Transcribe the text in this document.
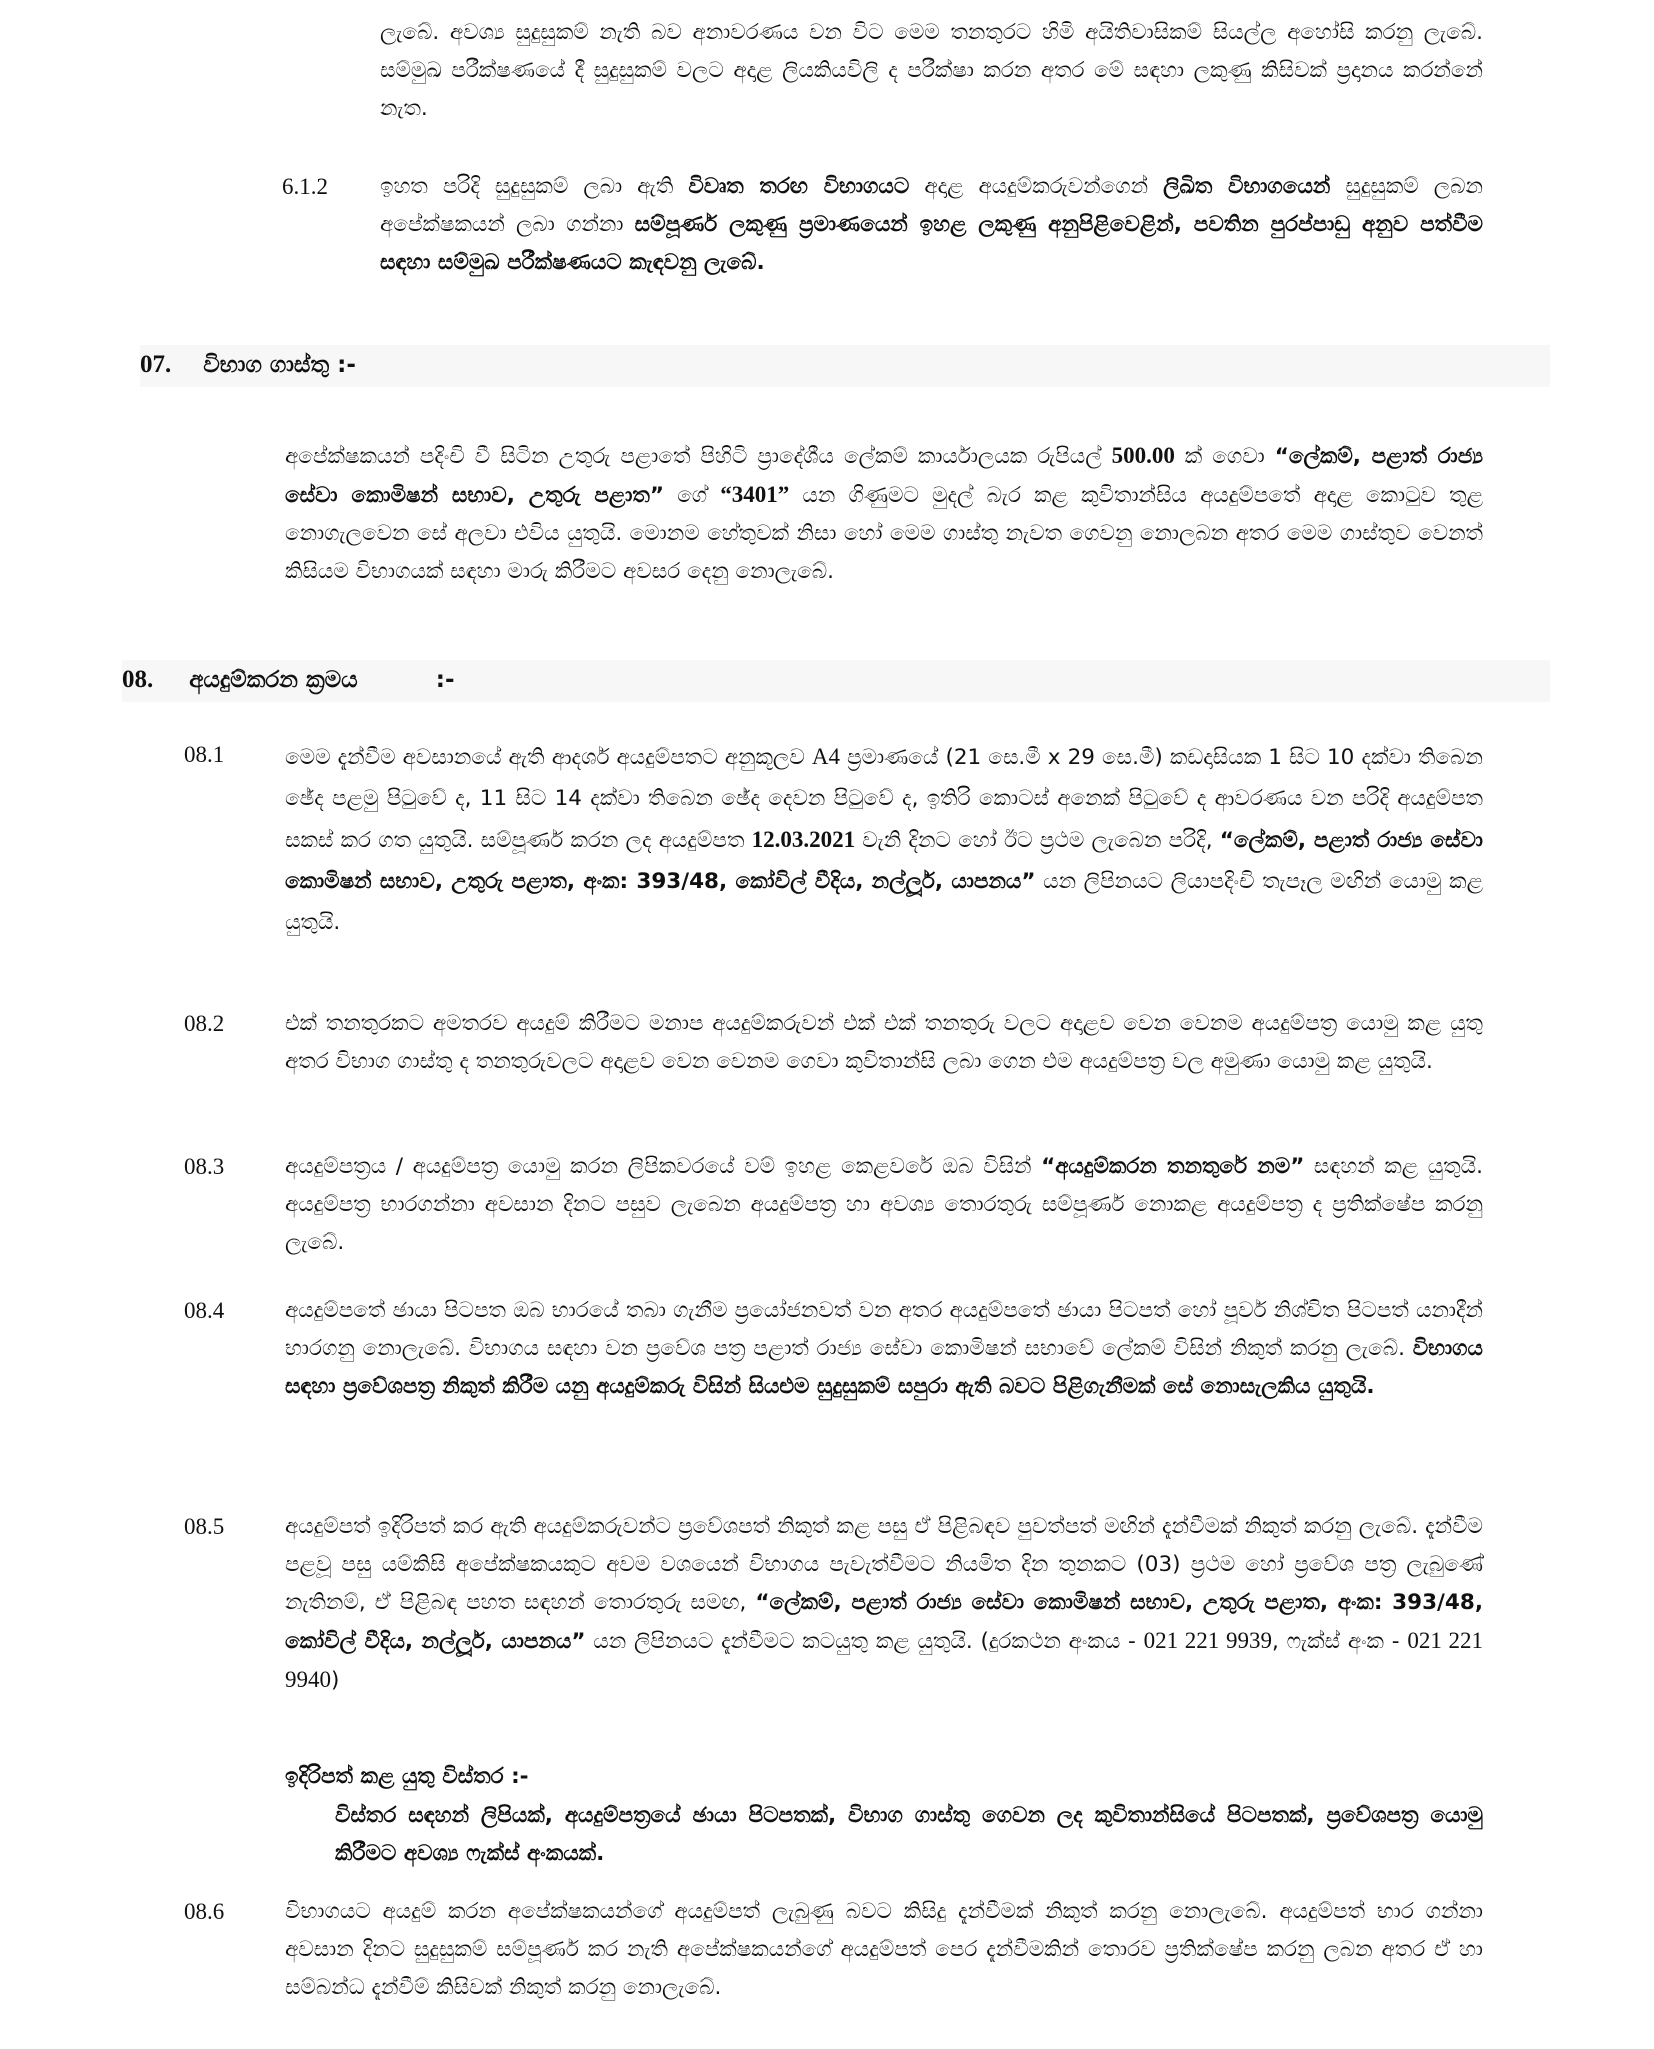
ලැබේ. අවශ්‍ය සුදුසුකම් නැති බව අනාවරණය වන විට මෙම තනතුරට හිමි අයිතිවාසිකම් සියල්ල අහෝසි කරනු ලැබේ. සම්මුඛ පරීක්ෂණයේ දී සුදුසුකම් වලට අදාළ ලියකියවිලි ද පරීක්ෂා කරන අතර මේ සඳහා ලකුණු කිසිවක් ප්‍රදානය කරන්නේ නැත.

6.1.2 ඉහත පරිදි සුදුසුකම් ලබා ඇති විවෘත තරඟ විභාගයට අදාළ අයදුම්කරුවන්ගෙන් ලිඛිත විභාගයෙන් සුදුසුකම් ලබන අපේක්ෂකයන් ලබා ගන්නා සම්පූර්ණ ලකුණු ප්‍රමාණයෙන් ඉහළ ලකුණු අනුපිළිවෙළින්, පවතින පුරප්පාඩු අනුව පත්වීම සඳහා සම්මුඛ පරීක්ෂණයට කැඳවනු ලැබේ.

07. විභාග ගාස්තු :-

අපේක්ෂකයන් පදිංචි වී සිටින උතුරු පළාතේ පිහිටි ප්‍රාදේශීය ලේකම් කාර්යාලයක රුපියල් 500.00 ක් ගෙවා “ලේකම්, පළාත් රාජ්‍ය සේවා කොමිෂන් සභාව, උතුරු පළාත” ගේ “3401” යන ගිණුමට මුදල් බැර කළ කුවිතාන්සිය අයදුම්පතේ අදාළ කොටුව තුළ නොගැලවෙන සේ අලවා එවිය යුතුයි. මොනම හේතුවක් නිසා හෝ මෙම ගාස්තු නැවත ගෙවනු නොලබන අතර මෙම ගාස්තුව වෙනත් කිසියම විභාගයක් සඳහා මාරු කිරීමට අවසර දෙනු නොලැබේ.

08. අයදුම්කරන ක්‍රමය	:-
08.1	මෙම දැන්වීම අවසානයේ ඇති ආදර්ශ අයදුම්පතට අනුකූලව A4 ප්‍රමාණයේ (21 සෙ.මී x 29 සෙ.මී) කඩදාසියක 1 සිට 10 දක්වා තිබෙන ඡේද පළමු පිටුවේ ද, 11 සිට 14 දක්වා තිබෙන ඡේද දෙවන පිටුවේ ද, ඉතිරි කොටස් අනෙක් පිටුවේ ද ආවරණය වන පරිදි අයදුම්පත සකස් කර ගත යුතුයි. සම්පූර්ණ කරන ලද අයදුම්පත 12.03.2021 වැනි දිනට හෝ ඊට ප්‍රථම ලැබෙන පරිදි, “ලේකම්, පළාත් රාජ්‍ය සේවා කොමිෂන් සභාව, උතුරු පළාත, අංක: 393/48, කෝවිල් වීදිය, නල්ලූර්, යාපනය” යන ලිපිනයට ලියාපදිංචි තැපෑල මඟින් යොමු කළ යුතුයි.

08.2	එක් තනතුරකට අමතරව අයදුම් කිරීමට මනාප අයදුම්කරුවන් එක් එක් තනතුරු වලට අදාළව වෙන වෙනම අයදුම්පත්‍ර යොමු කළ යුතු අතර විභාග ගාස්තු ද තනතුරුවලට අදාළව වෙන වෙනම ගෙවා කුවිතාන්සි ලබා ගෙන එම අයදුම්පත්‍ර වල අමුණා යොමු කළ යුතුයි.

08.3	අයදුම්පත්‍රය / අයදුම්පත්‍ර යොමු කරන ලිපිකවරයේ වම් ඉහළ කෙළවරේ ඔබ විසින් “අයදුම්කරන තනතුරේ නම” සඳහන් කළ යුතුයි. අයදුම්පත්‍ර භාරගන්නා අවසාන දිනට පසුව ලැබෙන අයදුම්පත්‍ර හා අවශ්‍ය තොරතුරු සම්පූර්ණ නොකළ අයදුම්පත්‍ර ද ප්‍රතික්ෂේප කරනු ලැබේ.

08.4	අයදුම්පතේ ඡායා පිටපත ඔබ භාරයේ තබා ගැනීම ප්‍රයෝජනවත් වන අතර අයදුම්පතේ ඡායා පිටපත් හෝ පූර්ව නිශ්චිත පිටපත් යනාදීන් භාරගනු නොලැබේ. විභාගය සඳහා වන ප්‍රවේශ පත්‍ර පළාත් රාජ්‍ය සේවා කොමිෂන් සභාවේ ලේකම් විසින් නිකුත් කරනු ලැබේ. විභාගය සඳහා ප්‍රවේශපත්‍ර නිකුත් කිරීම යනු අයදුම්කරු විසින් සියළුම සුදුසුකම් සපුරා ඇති බවට පිළිගැනීමක් සේ නොසැලකිය යුතුයි.

08.5	අයදුම්පත් ඉදිරිපත් කර ඇති අයදුම්කරුවන්ට ප්‍රවේශපත් නිකුත් කළ පසු ඒ පිළිබඳව පුවත්පත් මඟින් දැන්වීමක් නිකුත් කරනු ලැබේ. දැන්වීම පළවූ පසු යම්කිසි අපේක්ෂකයකුට අවම වශයෙන් විභාගය පැවැත්වීමට නියමිත දින තුනකට (03) ප්‍රථම හෝ ප්‍රවේශ පත්‍ර ලැබුණේ නැතිනම්, ඒ පිළිබඳ පහත සඳහන් තොරතුරු සමඟ, “ලේකම්, පළාත් රාජ්‍ය සේවා කොමිෂන් සභාව, උතුරු පළාත, අංක: 393/48, කෝවිල් වීදිය, නල්ලූර්, යාපනය” යන ලිපිනයට දැන්වීමට කටයුතු කළ යුතුයි. (දුරකථන අංකය - 021 221 9939, ෆැක්ස් අංක - 021 221 9940)

ඉදිරිපත් කළ යුතු විස්තර :-

විස්තර සඳහන් ලිපියක්, අයදුම්පත්‍රයේ ඡායා පිටපතක්, විභාග ගාස්තු ගෙවන ලද කුවිතාන්සියේ පිටපතක්, ප්‍රවේශපත්‍ර යොමු කිරීමට අවශ්‍ය ෆැක්ස් අංකයක්.

08.6	විභාගයට අයදුම් කරන අපේක්ෂකයන්ගේ අයදුම්පත් ලැබුණු බවට කිසිදු දැන්වීමක් නිකුත් කරනු නොලැබේ. අයදුම්පත් භාර ගන්නා අවසාන දිනට සුදුසුකම් සම්පූර්ණ කර නැති අපේක්ෂකයන්ගේ අයදුම්පත් පෙර දැන්වීමකින් තොරව ප්‍රතික්ෂේප කරනු ලබන අතර ඒ හා සම්බන්ධ දැන්වීම් කිසිවක් නිකුත් කරනු නොලැබේ.
